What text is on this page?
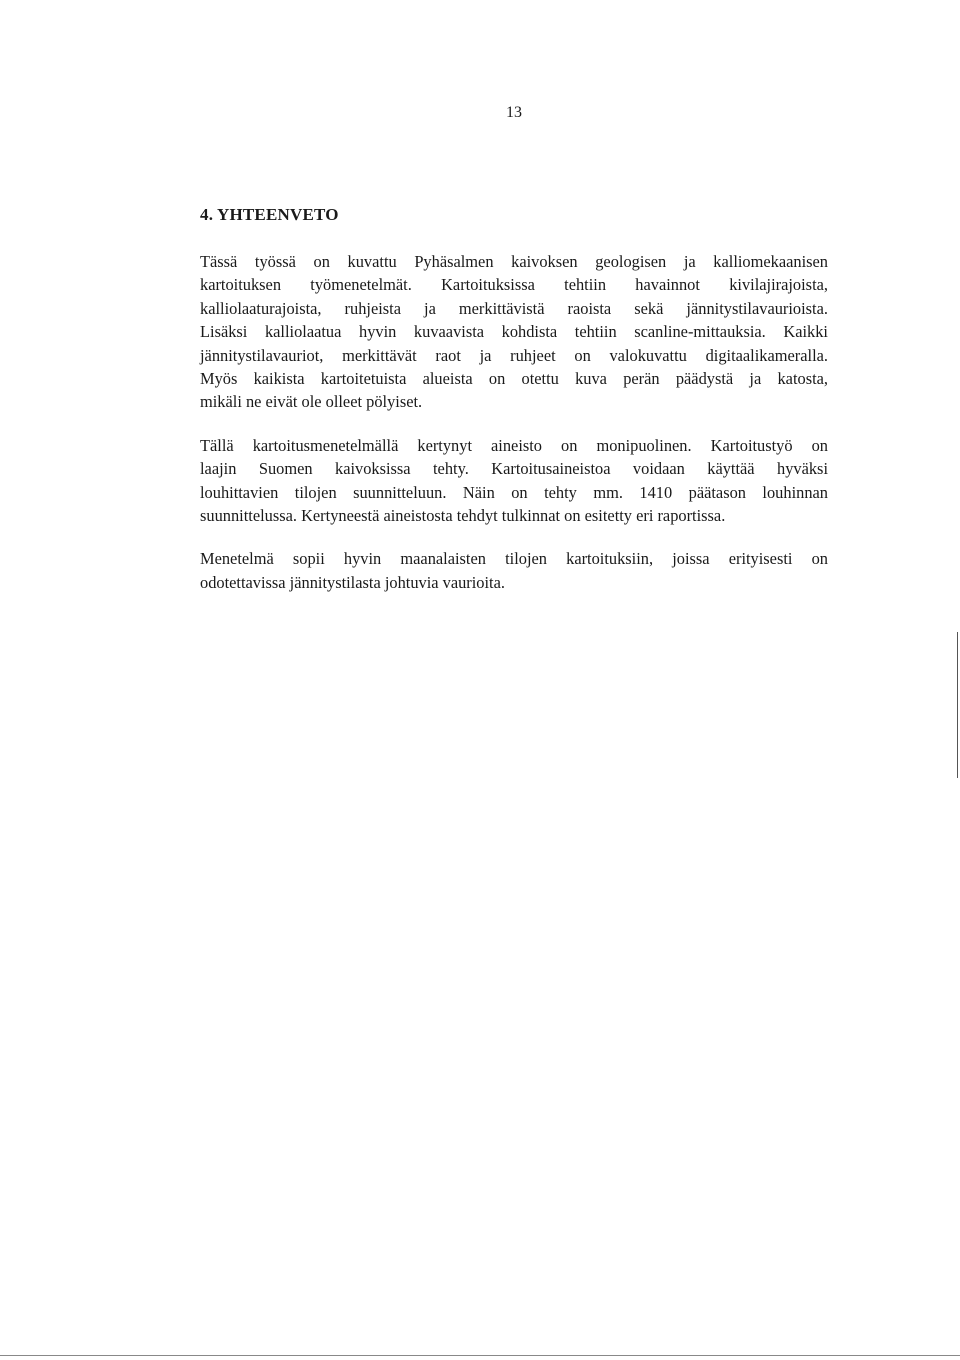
13
4. YHTEENVETO

Tässä työssä on kuvattu Pyhäsalmen kaivoksen geologisen ja kalliomekaanisen
kartoituksen työmenetelmät. Kartoituksissa tehtiin havainnot kivilajirajoista,
kalliolaaturajoista, ruhjeista ja merkittävistä raoista sekä jännitystilavaurioista.
Lisäksi kalliolaatua hyvin kuvaavista kohdista tehtiin scanline-mittauksia. Kaikki
jännitystilavauriot, merkittävät raot ja ruhjeet on valokuvattu digitaalikameralla.
Myös kaikista kartoitetuista alueista on otettu kuva perän päädystä ja katosta,
mikäli ne eivät ole olleet pölyiset.

Tällä kartoitusmenetelmällä kertynyt aineisto on monipuolinen. Kartoitustyö on
laajin Suomen kaivoksissa tehty. Kartoitusaineistoa voidaan käyttää hyväksi
louhittavien tilojen suunnitteluun. Näin on tehty mm. 1410 päätason louhinnan
suunnittelussa. Kertyneestä aineistosta tehdyt tulkinnat on esitetty eri raportissa.

Menetelmä sopii hyvin maanalaisten tilojen kartoituksiin, joissa erityisesti on
odotettavissa jännitystilasta johtuvia vaurioita.
